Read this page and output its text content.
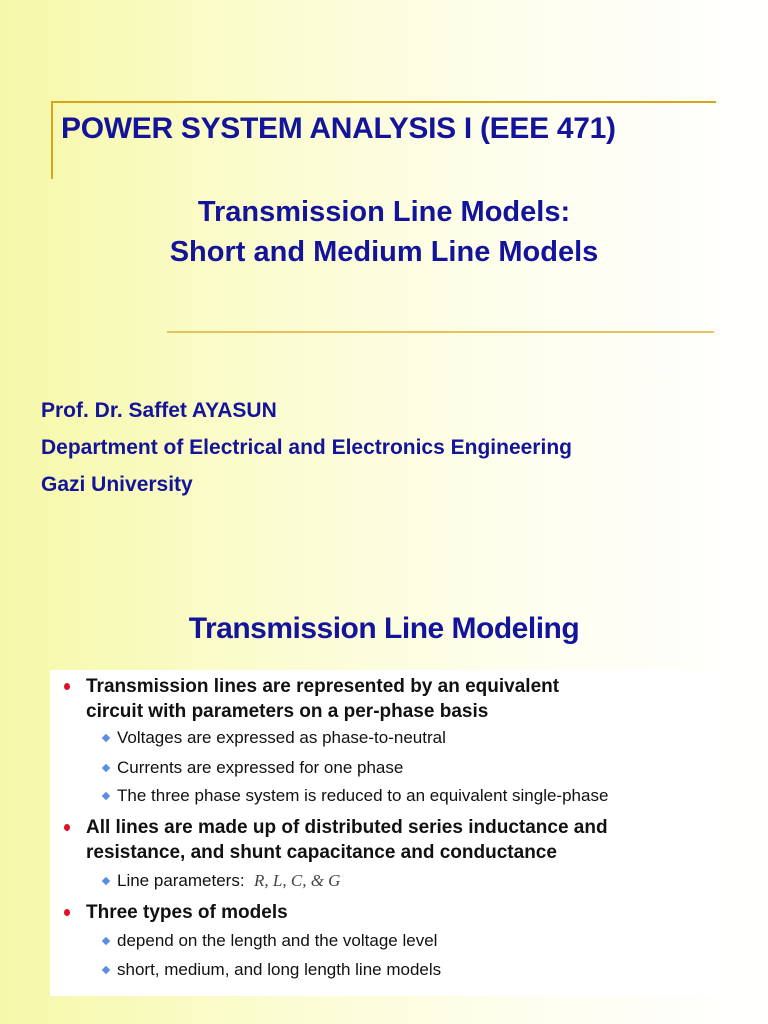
POWER SYSTEM ANALYSIS I (EEE 471)
Transmission Line Models:
Short and Medium Line Models
Prof. Dr. Saffet AYASUN
Department of Electrical and Electronics Engineering
Gazi University
Transmission Line Modeling
Transmission lines are represented by an equivalent
circuit with parameters on a per-phase basis
Voltages are expressed as phase-to-neutral
Currents are expressed for one phase
The three phase system is reduced to an equivalent single-phase
All lines are made up of distributed series inductance and
resistance, and shunt capacitance and conductance
Line parameters: R, L, C, & G
Three types of models
depend on the length and the voltage level
short, medium, and long length line models
